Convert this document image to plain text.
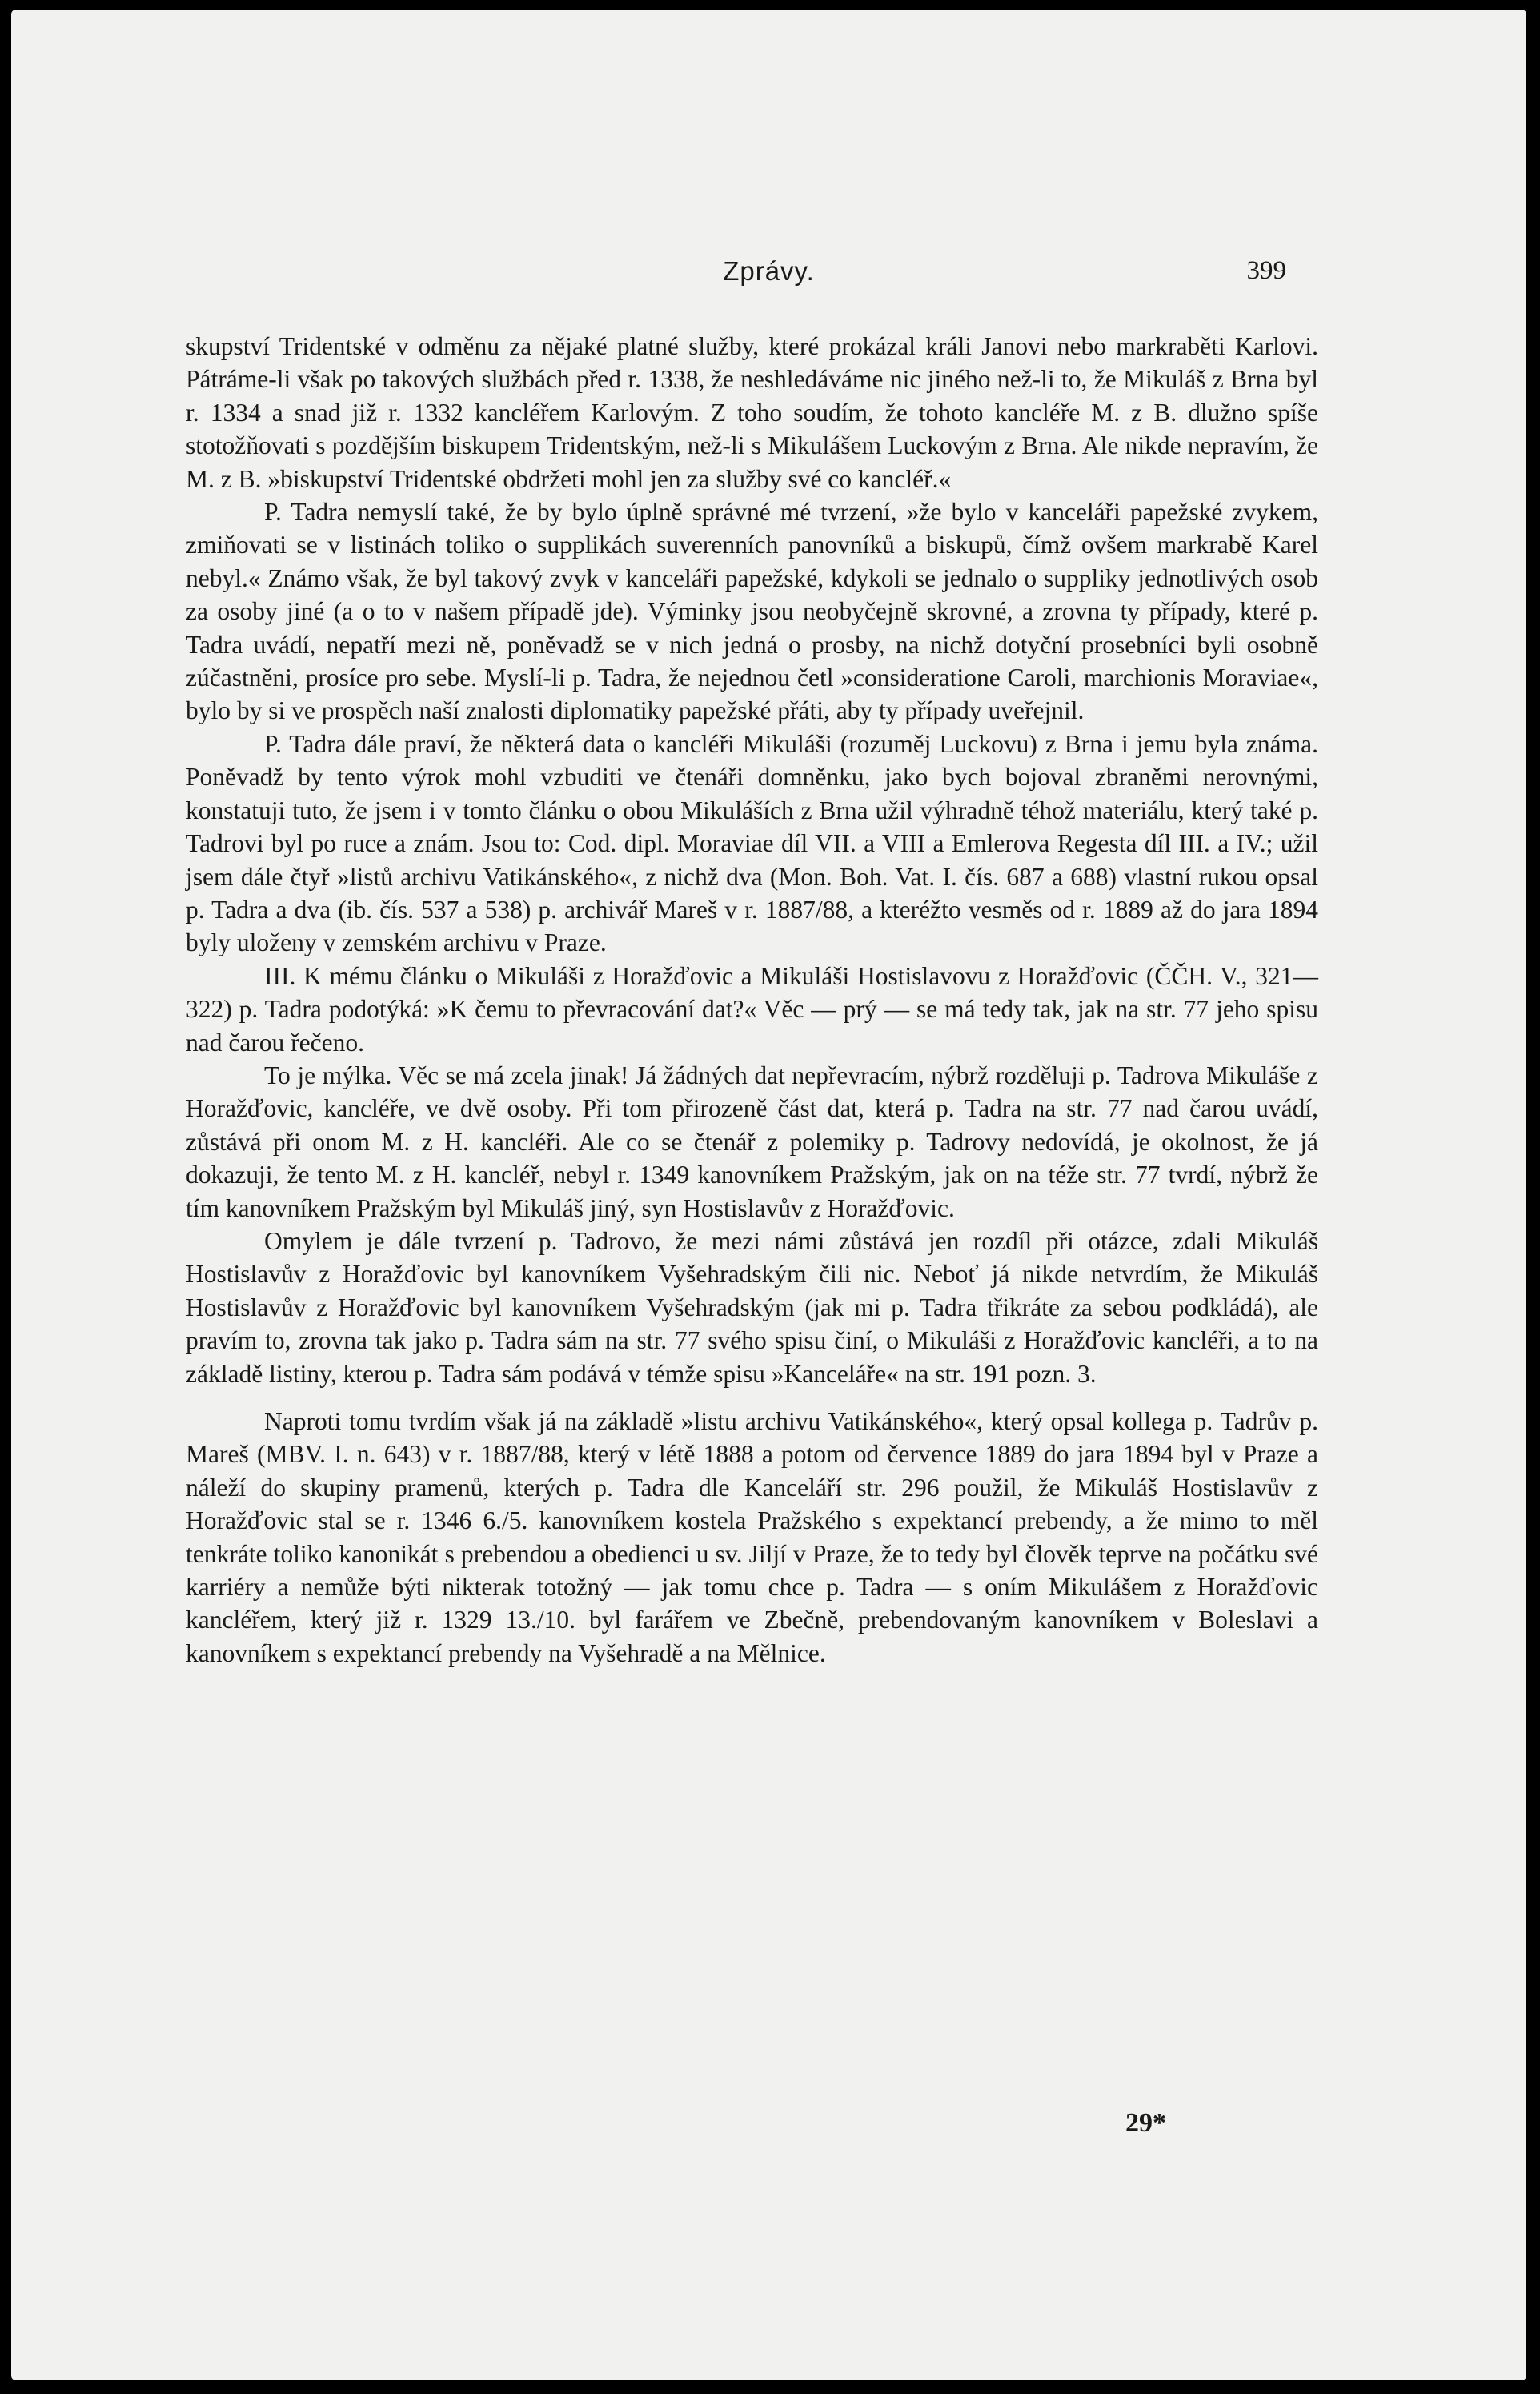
Zprávy.	399

skupství Tridentské v odměnu za nějaké platné služby, které prokázal králi Janovi nebo markraběti Karlovi. Pátráme-li však po takových službách před r. 1338, že neshledáváme nic jiného než-li to, že Mikuláš z Brna byl r. 1334 a snad již r. 1332 kancléřem Karlovým. Z toho soudím, že tohoto kancléře M. z B. dlužno spíše stotožňovati s pozdějším biskupem Tridentským, než-li s Mikulášem Luckovým z Brna. Ale nikde nepravím, že M. z B. »biskupství Tridentské obdržeti mohl jen za služby své co kancléř.«

P. Tadra nemyslí také, že by bylo úplně správné mé tvrzení, »že bylo v kanceláři papežské zvykem, zmiňovati se v listinách toliko o supplikách suverenních panovníků a biskupů, čímž ovšem markrabě Karel nebyl.« Známo však, že byl takový zvyk v kanceláři papežské, kdykoli se jednalo o suppliky jednotlivých osob za osoby jiné (a o to v našem případě jde). Výminky jsou neobyčejně skrovné, a zrovna ty případy, které p. Tadra uvádí, nepatří mezi ně, poněvadž se v nich jedná o prosby, na nichž dotyční prosebníci byli osobně zúčastněni, prosíce pro sebe. Myslí-li p. Tadra, že nejednou četl »consideratione Caroli, marchionis Moraviae«, bylo by si ve prospěch naší znalosti diplomatiky papežské přáti, aby ty případy uveřejnil.

P. Tadra dále praví, že některá data o kancléři Mikuláši (rozuměj Luckovu) z Brna i jemu byla známa. Poněvadž by tento výrok mohl vzbuditi ve čtenáři domněnku, jako bych bojoval zbraněmi nerovnými, konstatuji tuto, že jsem i v tomto článku o obou Mikuláších z Brna užil výhradně téhož materiálu, který také p. Tadrovi byl po ruce a znám. Jsou to: Cod. dipl. Moraviae díl VII. a VIII a Emlerova Regesta díl III. a IV.; užil jsem dále čtyř »listů archivu Vatikánského«, z nichž dva (Mon. Boh. Vat. I. čís. 687 a 688) vlastní rukou opsal p. Tadra a dva (ib. čís. 537 a 538) p. archivář Mareš v r. 1887/88, a kteréžto vesměs od r. 1889 až do jara 1894 byly uloženy v zemském archivu v Praze.

III. K mému článku o Mikuláši z Horažďovic a Mikuláši Hostislavovu z Horažďovic (ČČH. V., 321—322) p. Tadra podotýká: »K čemu to převracování dat?« Věc — prý — se má tedy tak, jak na str. 77 jeho spisu nad čarou řečeno.

To je mýlka. Věc se má zcela jinak! Já žádných dat nepřevracím, nýbrž rozděluji p. Tadrova Mikuláše z Horažďovic, kancléře, ve dvě osoby. Při tom přirozeně část dat, která p. Tadra na str. 77 nad čarou uvádí, zůstává při onom M. z H. kancléři. Ale co se čtenář z polemiky p. Tadrovy nedovídá, je okolnost, že já dokazuji, že tento M. z H. kancléř, nebyl r. 1349 kanovníkem Pražským, jak on na téže str. 77 tvrdí, nýbrž že tím kanovníkem Pražským byl Mikuláš jiný, syn Hostislavův z Horažďovic.

Omylem je dále tvrzení p. Tadrovo, že mezi námi zůstává jen rozdíl při otázce, zdali Mikuláš Hostislavův z Horažďovic byl kanovníkem Vyšehradským čili nic. Neboť já nikde netvrdím, že Mikuláš Hostislavův z Horažďovic byl kanovníkem Vyšehradským (jak mi p. Tadra třikráte za sebou podkládá), ale pravím to, zrovna tak jako p. Tadra sám na str. 77 svého spisu činí, o Mikuláši z Horažďovic kancléři, a to na základě listiny, kterou p. Tadra sám podává v témže spisu »Kanceláře« na str. 191 pozn. 3.

Naproti tomu tvrdím však já na základě »listu archivu Vatikánského«, který opsal kollega p. Tadrův p. Mareš (MBV. I. n. 643) v r. 1887/88, který v létě 1888 a potom od července 1889 do jara 1894 byl v Praze a náleží do skupiny pramenů, kterých p. Tadra dle Kanceláří str. 296 použil, že Mikuláš Hostislavův z Horažďovic stal se r. 1346 6./5. kanovníkem kostela Pražského s expektancí prebendy, a že mimo to měl tenkráte toliko kanonikát s prebendou a obedienci u sv. Jiljí v Praze, že to tedy byl člověk teprve na počátku své karriéry a nemůže býti nikterak totožný — jak tomu chce p. Tadra — s oním Mikulášem z Horažďovic kancléřem, který již r. 1329 13./10. byl farářem ve Zbečně, prebendovaným kanovníkem v Boleslavi a kanovníkem s expektancí prebendy na Vyšehradě a na Mělnice.

29*
